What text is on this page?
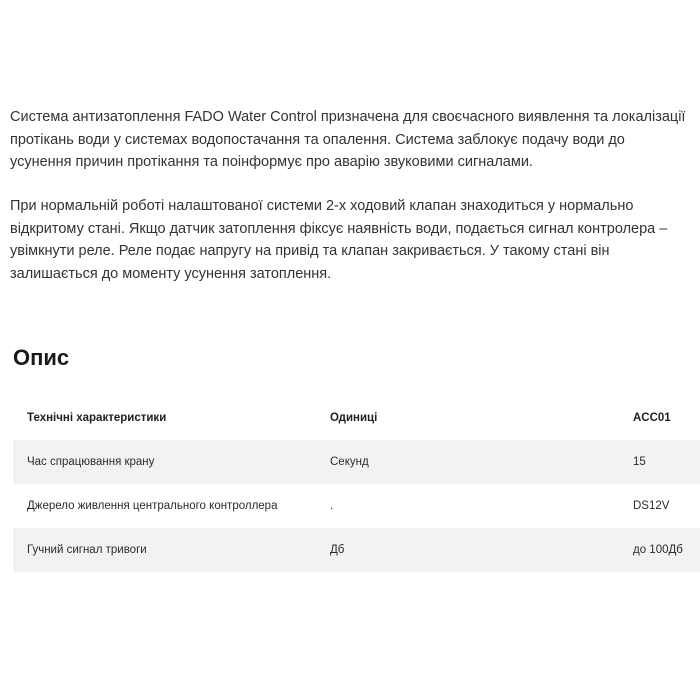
Система антизатоплення FADO Water Control призначена для своєчасного виявлення та локалізації протікань води у системах водопостачання та опалення. Система заблокує подачу води до усунення причин протікання та поінформує про аварію звуковими сигналами.

При нормальній роботі налаштованої системи 2-х ходовий клапан знаходиться у нормально відкритому стані. Якщо датчик затоплення фіксує наявність води, подається сигнал контролера – увімкнути реле. Реле подає напругу на привід та клапан закривається. У такому стані він залишається до моменту усунення затоплення.

Опис
Технічні характеристики	Одиниці	ACC01
Час спрацювання крану	Секунд	15
Джерело живлення центрального контроллера	.	DS12V
Гучний сигнал тривоги	Дб	до 100Дб
